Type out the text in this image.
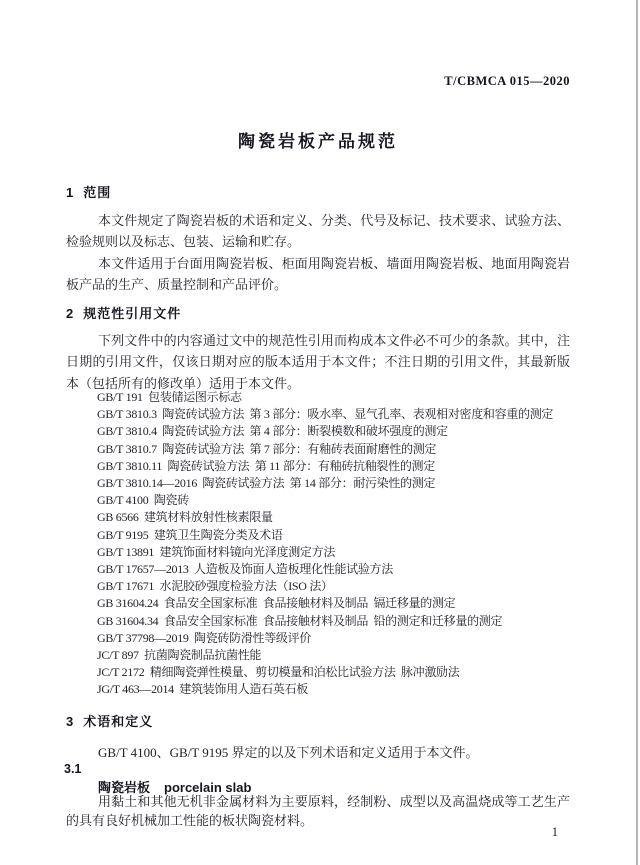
T/CBMCA 015—2020
陶瓷岩板产品规范
1 范围

本文件规定了陶瓷岩板的术语和定义、分类、代号及标记、技术要求、试验方法、检验规则以及标志、包装、运输和贮存。

本文件适用于台面用陶瓷岩板、柜面用陶瓷岩板、墙面用陶瓷岩板、地面用陶瓷岩板产品的生产、质量控制和产品评价。

2 规范性引用文件

下列文件中的内容通过文中的规范性引用而构成本文件必不可少的条款。其中，注日期的引用文件，仅该日期对应的版本适用于本文件；不注日期的引用文件，其最新版本（包括所有的修改单）适用于本文件。

GB/T 191  包装储运图示标志
GB/T 3810.3  陶瓷砖试验方法  第 3 部分：吸水率、显气孔率、表观相对密度和容重的测定
GB/T 3810.4  陶瓷砖试验方法  第 4 部分：断裂模数和破坏强度的测定
GB/T 3810.7  陶瓷砖试验方法  第 7 部分：有釉砖表面耐磨性的测定
GB/T 3810.11  陶瓷砖试验方法  第 11 部分：有釉砖抗釉裂性的测定
GB/T 3810.14—2016  陶瓷砖试验方法  第 14 部分：耐污染性的测定
GB/T 4100  陶瓷砖
GB 6566  建筑材料放射性核素限量
GB/T 9195  建筑卫生陶瓷分类及术语
GB/T 13891  建筑饰面材料镜向光泽度测定方法
GB/T 17657—2013  人造板及饰面人造板理化性能试验方法
GB/T 17671  水泥胶砂强度检验方法（ISO 法）
GB 31604.24  食品安全国家标准  食品接触材料及制品  镉迁移量的测定
GB 31604.34  食品安全国家标准  食品接触材料及制品  铅的测定和迁移量的测定
GB/T 37798—2019  陶瓷砖防滑性等级评价
JC/T 897  抗菌陶瓷制品抗菌性能
JC/T 2172  精细陶瓷弹性模量、剪切模量和泊松比试验方法  脉冲激励法
JG/T 463—2014  建筑装饰用人造石英石板
3 术语和定义

GB/T 4100、GB/T 9195 界定的以及下列术语和定义适用于本文件。

3.1
陶瓷岩板 porcelain slab

用黏土和其他无机非金属材料为主要原料，经制粉、成型以及高温烧成等工艺生产的具有良好机械加工性能的板状陶瓷材料。

1
